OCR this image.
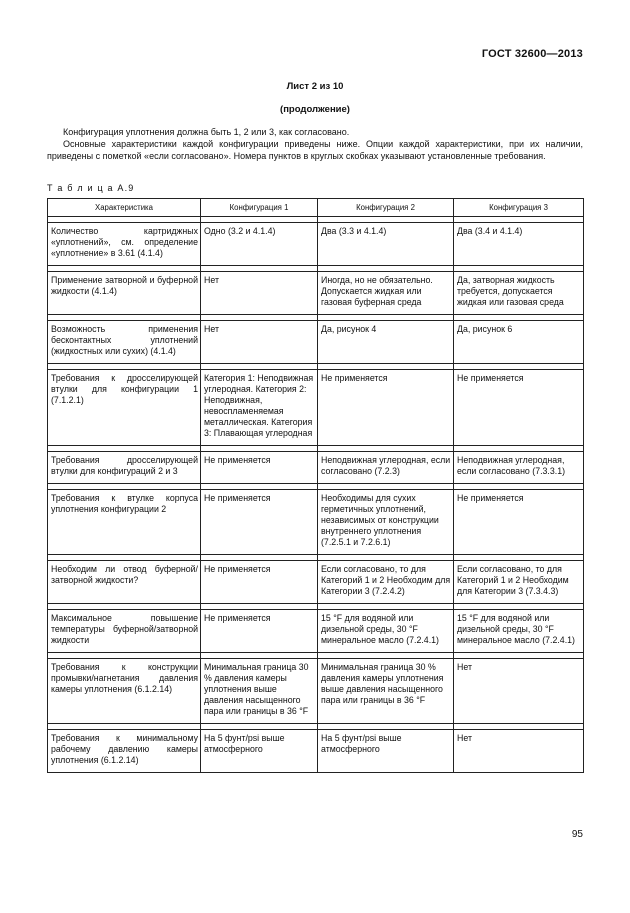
ГОСТ 32600—2013
Лист 2 из 10
(продолжение)

Конфигурация уплотнения должна быть 1, 2 или 3, как согласовано.

Основные характеристики каждой конфигурации приведены ниже. Опции каждой характеристики, при их наличии, приведены с пометкой «если согласовано». Номера пунктов в круглых скобках указывают установленные требования.

Т а б л и ц а А.9
Характеристика	Конфигурация 1	Конфигурация 2	Конфигурация 3

Количество картриджных «уплотнений», см. определение «уплотнение» в 3.61 (4.1.4)	Одно (3.2 и 4.1.4)	Два (3.3 и 4.1.4)	Два (3.4 и 4.1.4)

Применение затворной и буферной жидкости (4.1.4)	Нет	Иногда, но не обязательно. Допускается жидкая или газовая буферная среда	Да, затворная жидкость требуется, допускается жидкая или газовая среда

Возможность применения бесконтактных уплотнений (жидкостных или сухих) (4.1.4)	Нет	Да, рисунок 4	Да, рисунок 6

Требования к дросселирующей втулки для конфигурации 1 (7.1.2.1)	Категория 1: Неподвижная углеродная. Категория 2: Неподвижная, невоспламеняемая металлическая. Категория 3: Плавающая углеродная	Не применяется	Не применяется

Требования дросселирующей втулки для конфигураций 2 и 3	Не применяется	Неподвижная углеродная, если согласовано (7.2.3)	Неподвижная углеродная, если согласовано (7.3.3.1)

Требования к втулке корпуса уплотнения конфигурации 2	Не применяется	Необходимы для сухих герметичных уплотнений, независимых от конструкции внутреннего уплотнения (7.2.5.1 и 7.2.6.1)	Не применяется

Необходим ли отвод буферной/затворной жидкости?	Не применяется	Если согласовано, то для Категорий 1 и 2 Необходим для Категории 3 (7.2.4.2)	Если согласовано, то для Категорий 1 и 2 Необходим для Категории 3 (7.3.4.3)

Максимальное повышение температуры буферной/затворной жидкости	Не применяется	15 °F для водяной или дизельной среды, 30 °F минеральное масло (7.2.4.1)	15 °F для водяной или дизельной среды, 30 °F минеральное масло (7.2.4.1)

Требования к конструкции промывки/нагнетания давления камеры уплотнения (6.1.2.14)	Минимальная граница 30 % давления камеры уплотнения выше давления насыщенного пара или границы в 36 °F	Минимальная граница 30 % давления камеры уплотнения выше давления насыщенного пара или границы в 36 °F	Нет

Требования к минимальному рабочему давлению камеры уплотнения (6.1.2.14)	На 5 фунт/psi выше атмосферного	На 5 фунт/psi выше атмосферного	Нет
95
